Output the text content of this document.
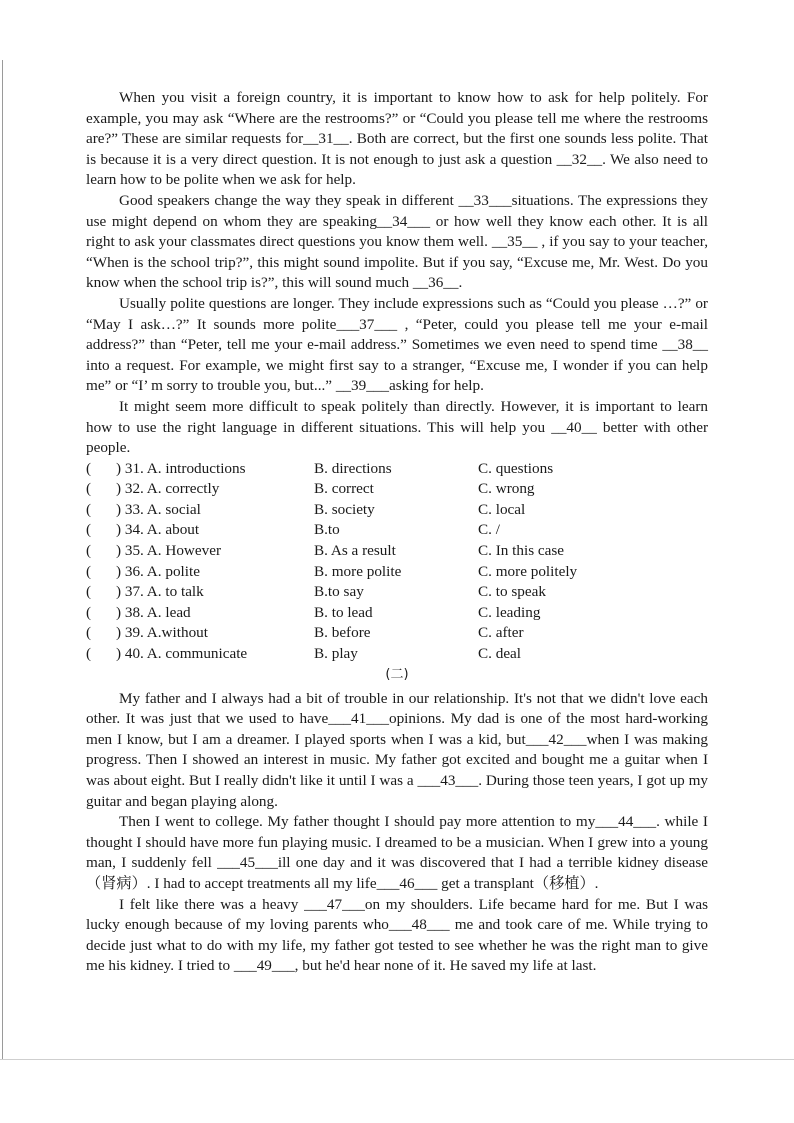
When you visit a foreign country, it is important to know how to ask for help politely. For example, you may ask “Where are the restrooms?” or “Could you please tell me where the restrooms are?” These are similar requests for__31__. Both are correct, but the first one sounds less polite. That is because it is a very direct question. It is not enough to just ask a question __32__. We also need to learn how to be polite when we ask for help.

Good speakers change the way they speak in different __33___situations. The expressions they use might depend on whom they are speaking__34___ or how well they know each other. It is all right to ask your classmates direct questions you know them well. __35__ , if you say to your teacher, “When is the school trip?”, this might sound impolite. But if you say, “Excuse me, Mr. West. Do you know when the school trip is?”, this will sound much __36__.

Usually polite questions are longer. They include expressions such as “Could you please …?” or “May I ask…?” It sounds more polite___37___ , “Peter, could you please tell me your e-mail address?” than “Peter, tell me your e-mail address.” Sometimes we even need to spend time __38__ into a request. For example, we might first say to a stranger, “Excuse me, I wonder if you can help me” or “I’ m sorry to trouble you, but...” __39___asking for help.

It might seem more difficult to speak politely than directly. However, it is important to learn how to use the right language in different situations. This will help you __40__ better with other people.

(	) 31. A. introductions	B. directions	C. questions
(	) 32. A. correctly	B. correct	C. wrong
(	) 33. A. social	B. society	C. local
(	) 34. A. about	B.to	C. /
(	) 35. A. However	B. As a result	C. In this case
(	) 36. A. polite	B. more polite	C. more politely
(	) 37. A. to talk	B.to say	C. to speak
(	) 38. A. lead	B. to lead	C. leading
(	) 39. A.without	B. before	C. after
(	) 40. A. communicate	B. play	C. deal
(二)

My father and I always had a bit of trouble in our relationship. It's not that we didn't love each other. It was just that we used to have___41___opinions. My dad is one of the most hard-working men I know, but I am a dreamer. I played sports when I was a kid, but___42___when I was making progress. Then I showed an interest in music. My father got excited and bought me a guitar when I was about eight. But I really didn't like it until I was a ___43___. During those teen years, I got up my guitar and began playing along.

Then I went to college. My father thought I should pay more attention to my___44___. while I thought I should have more fun playing music. I dreamed to be a musician. When I grew into a young man, I suddenly fell ___45___ill one day and it was discovered that I had a terrible kidney disease（肾病）. I had to accept treatments all my life___46___ get a transplant（移植）.

I felt like there was a heavy ___47___on my shoulders. Life became hard for me. But I was lucky enough because of my loving parents who___48___ me and took care of me. While trying to decide just what to do with my life, my father got tested to see whether he was the right man to give me his kidney. I tried to ___49___, but he'd hear none of it. He saved my life at last.
